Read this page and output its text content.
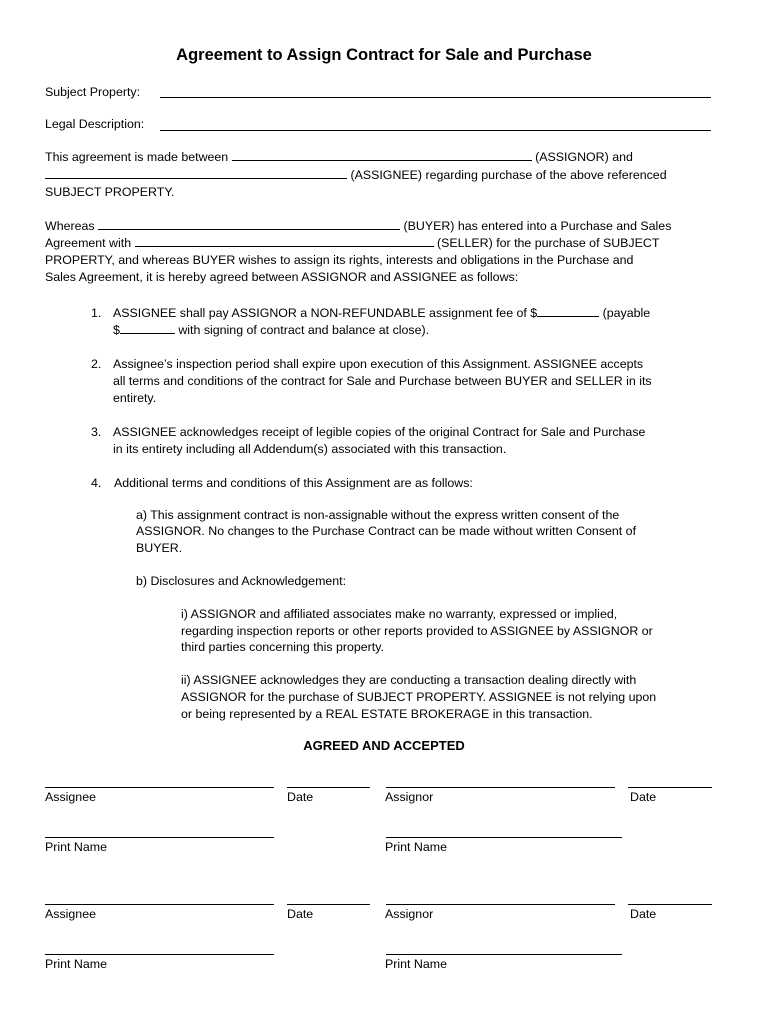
Agreement to Assign Contract for Sale and Purchase
Subject Property:
Legal Description:
This agreement is made between	(ASSIGNOR) and
(ASSIGNEE) regarding purchase of the above referenced
SUBJECT PROPERTY.
Whereas	(BUYER) has entered into a Purchase and Sales
Agreement with	(SELLER) for the purchase of SUBJECT
PROPERTY, and whereas BUYER wishes to assign its rights, interests and obligations in the Purchase and
Sales Agreement, it is hereby agreed between ASSIGNOR and ASSIGNEE as follows:
1. ASSIGNEE shall pay ASSIGNOR a NON-REFUNDABLE assignment fee of $	(payable
$	with signing of contract and balance at close).
2. Assignee’s inspection period shall expire upon execution of this Assignment. ASSIGNEE accepts
all terms and conditions of the contract for Sale and Purchase between BUYER and SELLER in its
entirety.
3. ASSIGNEE acknowledges receipt of legible copies of the original Contract for Sale and Purchase
in its entirety including all Addendum(s) associated with this transaction.
4. Additional terms and conditions of this Assignment are as follows:
a) This assignment contract is non-assignable without the express written consent of the
ASSIGNOR. No changes to the Purchase Contract can be made without written Consent of
BUYER.
b) Disclosures and Acknowledgement:
i) ASSIGNOR and affiliated associates make no warranty, expressed or implied,
regarding inspection reports or other reports provided to ASSIGNEE by ASSIGNOR or
third parties concerning this property.
ii) ASSIGNEE acknowledges they are conducting a transaction dealing directly with
ASSIGNOR for the purchase of SUBJECT PROPERTY. ASSIGNEE is not relying upon
or being represented by a REAL ESTATE BROKERAGE in this transaction.
AGREED AND ACCEPTED
Assignee	Date	Assignor	Date
Print Name	Print Name
Assignee	Date	Assignor	Date
Print Name	Print Name
